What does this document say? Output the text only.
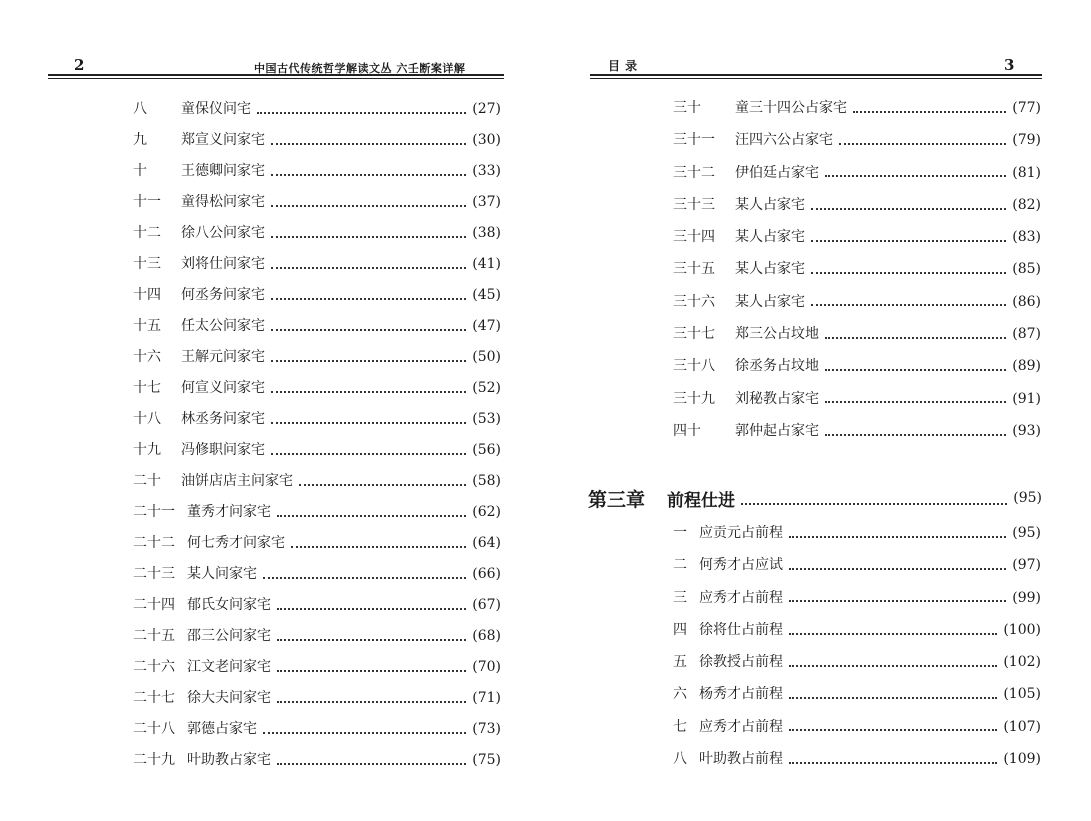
2	中国古代传统哲学解读文丛 六壬断案详解
八	童保仪问宅	(27)
九	郑宣义问家宅	(30)
十	王德卿问家宅	(33)
十一	童得松问家宅	(37)
十二	徐八公问家宅	(38)
十三	刘将仕问家宅	(41)
十四	何丞务问家宅	(45)
十五	任太公问家宅	(47)
十六	王解元问家宅	(50)
十七	何宣义问家宅	(52)
十八	林丞务问家宅	(53)
十九	冯修职问家宅	(56)
二十	油饼店店主问家宅	(58)
二十一 董秀才问家宅	(62)
二十二 何七秀才问家宅	(64)
二十三 某人问家宅	(66)
二十四 郁氏女问家宅	(67)
二十五 邵三公问家宅	(68)
二十六 江文老问家宅	(70)
二十七 徐大夫问家宅	(71)
二十八 郭德占家宅	(73)
二十九 叶助教占家宅	(75)
目 录	3
三十	童三十四公占家宅	(77)
三十一	汪四六公占家宅	(79)
三十二	伊伯廷占家宅	(81)
三十三	某人占家宅	(82)
三十四	某人占家宅	(83)
三十五	某人占家宅	(85)
三十六	某人占家宅	(86)
三十七	郑三公占坟地	(87)
三十八	徐丞务占坟地	(89)
三十九	刘秘教占家宅	(91)
四十	郭仲起占家宅	(93)
第三章 前程仕进	(95)
一 应贡元占前程	(95)
二 何秀才占应试	(97)
三 应秀才占前程	(99)
四 徐将仕占前程	(100)
五 徐教授占前程	(102)
六 杨秀才占前程	(105)
七 应秀才占前程	(107)
八 叶助教占前程	(109)
